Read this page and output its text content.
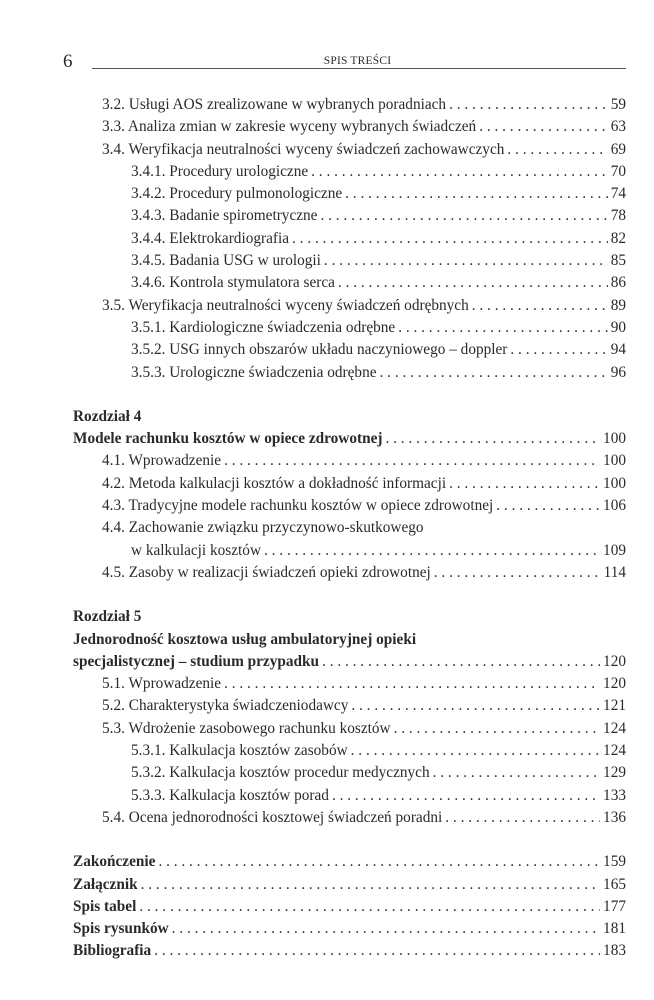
6	SPIS TREŚCI
3.2. Usługi AOS zrealizowane w wybranych poradniach . . .	59
3.3. Analiza zmian w zakresie wyceny wybranych świadczeń . . .	63
3.4. Weryfikacja neutralności wyceny świadczeń zachowawczych . . .	69
3.4.1. Procedury urologiczne . . .	70
3.4.2. Procedury pulmonologiczne . . .	74
3.4.3. Badanie spirometryczne . . .	78
3.4.4. Elektrokardiografia . . .	82
3.4.5. Badania USG w urologii . . .	85
3.4.6. Kontrola stymulatora serca . . .	86
3.5. Weryfikacja neutralności wyceny świadczeń odrębnych . . .	89
3.5.1. Kardiologiczne świadczenia odrębne . . .	90
3.5.2. USG innych obszarów układu naczyniowego – doppler . . .	94
3.5.3. Urologiczne świadczenia odrębne . . .	96
Rozdział 4
Modele rachunku kosztów w opiece zdrowotnej . . .	100
4.1. Wprowadzenie . . .	100
4.2. Metoda kalkulacji kosztów a dokładność informacji . . .	100
4.3. Tradycyjne modele rachunku kosztów w opiece zdrowotnej . . .	106
4.4. Zachowanie związku przyczynowo-skutkowego
w kalkulacji kosztów . . .	109
4.5. Zasoby w realizacji świadczeń opieki zdrowotnej . . .	114
Rozdział 5
Jednorodność kosztowa usług ambulatoryjnej opieki
specjalistycznej – studium przypadku . . .	120
5.1. Wprowadzenie . . .	120
5.2. Charakterystyka świadczeniodawcy . . .	121
5.3. Wdrożenie zasobowego rachunku kosztów . . .	124
5.3.1. Kalkulacja kosztów zasobów . . .	124
5.3.2. Kalkulacja kosztów procedur medycznych . . .	129
5.3.3. Kalkulacja kosztów porad . . .	133
5.4. Ocena jednorodności kosztowej świadczeń poradni . . .	136
Zakończenie . . .	159
Załącznik . . .	165
Spis tabel . . .	177
Spis rysunków . . .	181
Bibliografia . . .	183
